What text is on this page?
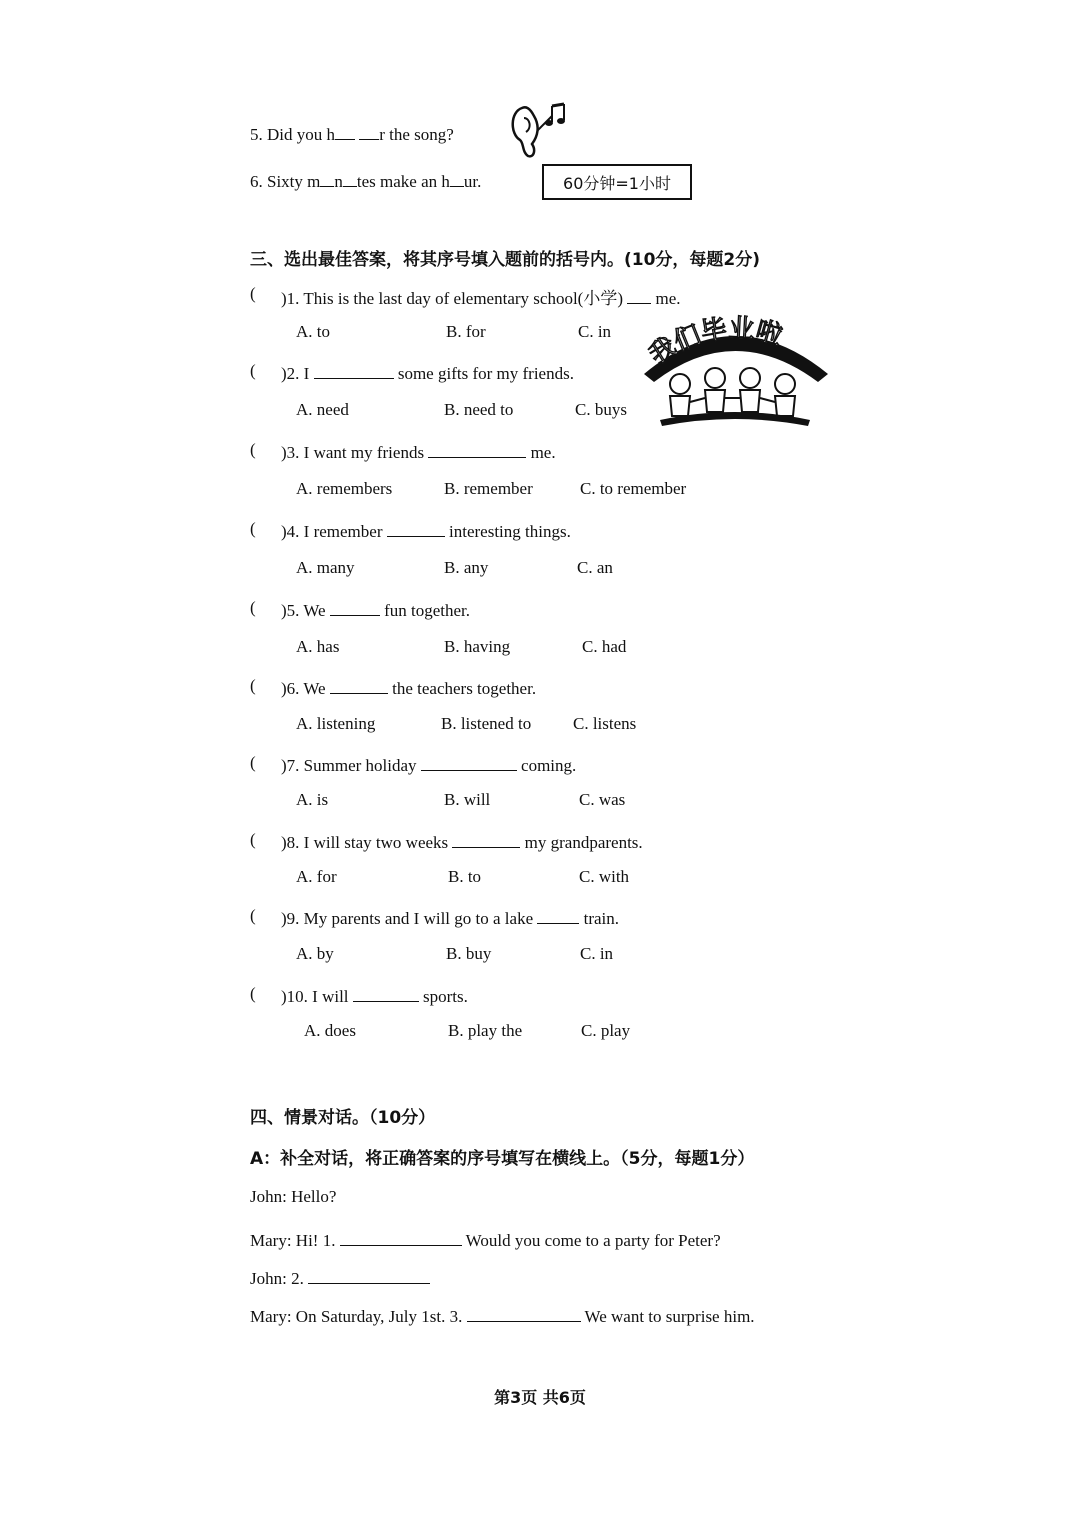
5. Did you h	r the song?
6. Sixty m n tes make an h ur.	60分钟=1小时
三、选出最佳答案，将其序号填入题前的括号内。(10分，每题2分)
( )1. This is the last day of elementary school(小学) me.
A. to	B. for	C. in
( )2. I	some gifts for my friends.
A. need	B. need to	C. buys
( )3. I want my friends	me.
A. remembers	B. remember	C. to remember
( )4. I remember	interesting things.
A. many	B. any	C. an
( )5. We	fun together.
A. has	B. having	C. had
( )6. We	the teachers together.
A. listening	B. listened to C. listens
( )7. Summer holiday	coming.
A. is	B. will	C. was
( )8. I will stay two weeks	my grandparents.
A. for	B. to	C. with
( )9. My parents and I will go to a lake	train.
A. by	B. buy	C. in
( )10. I will	sports.
A. does	B. play the	C. play
我们毕业啦
四、情景对话。（10分）
A：补全对话，将正确答案的序号填写在横线上。（5分，每题1分）
John: Hello?
Mary: Hi! 1.	Would you come to a party for Peter?
John: 2.
Mary: On Saturday, July 1st. 3.	We want to surprise him.
第3页 共6页
